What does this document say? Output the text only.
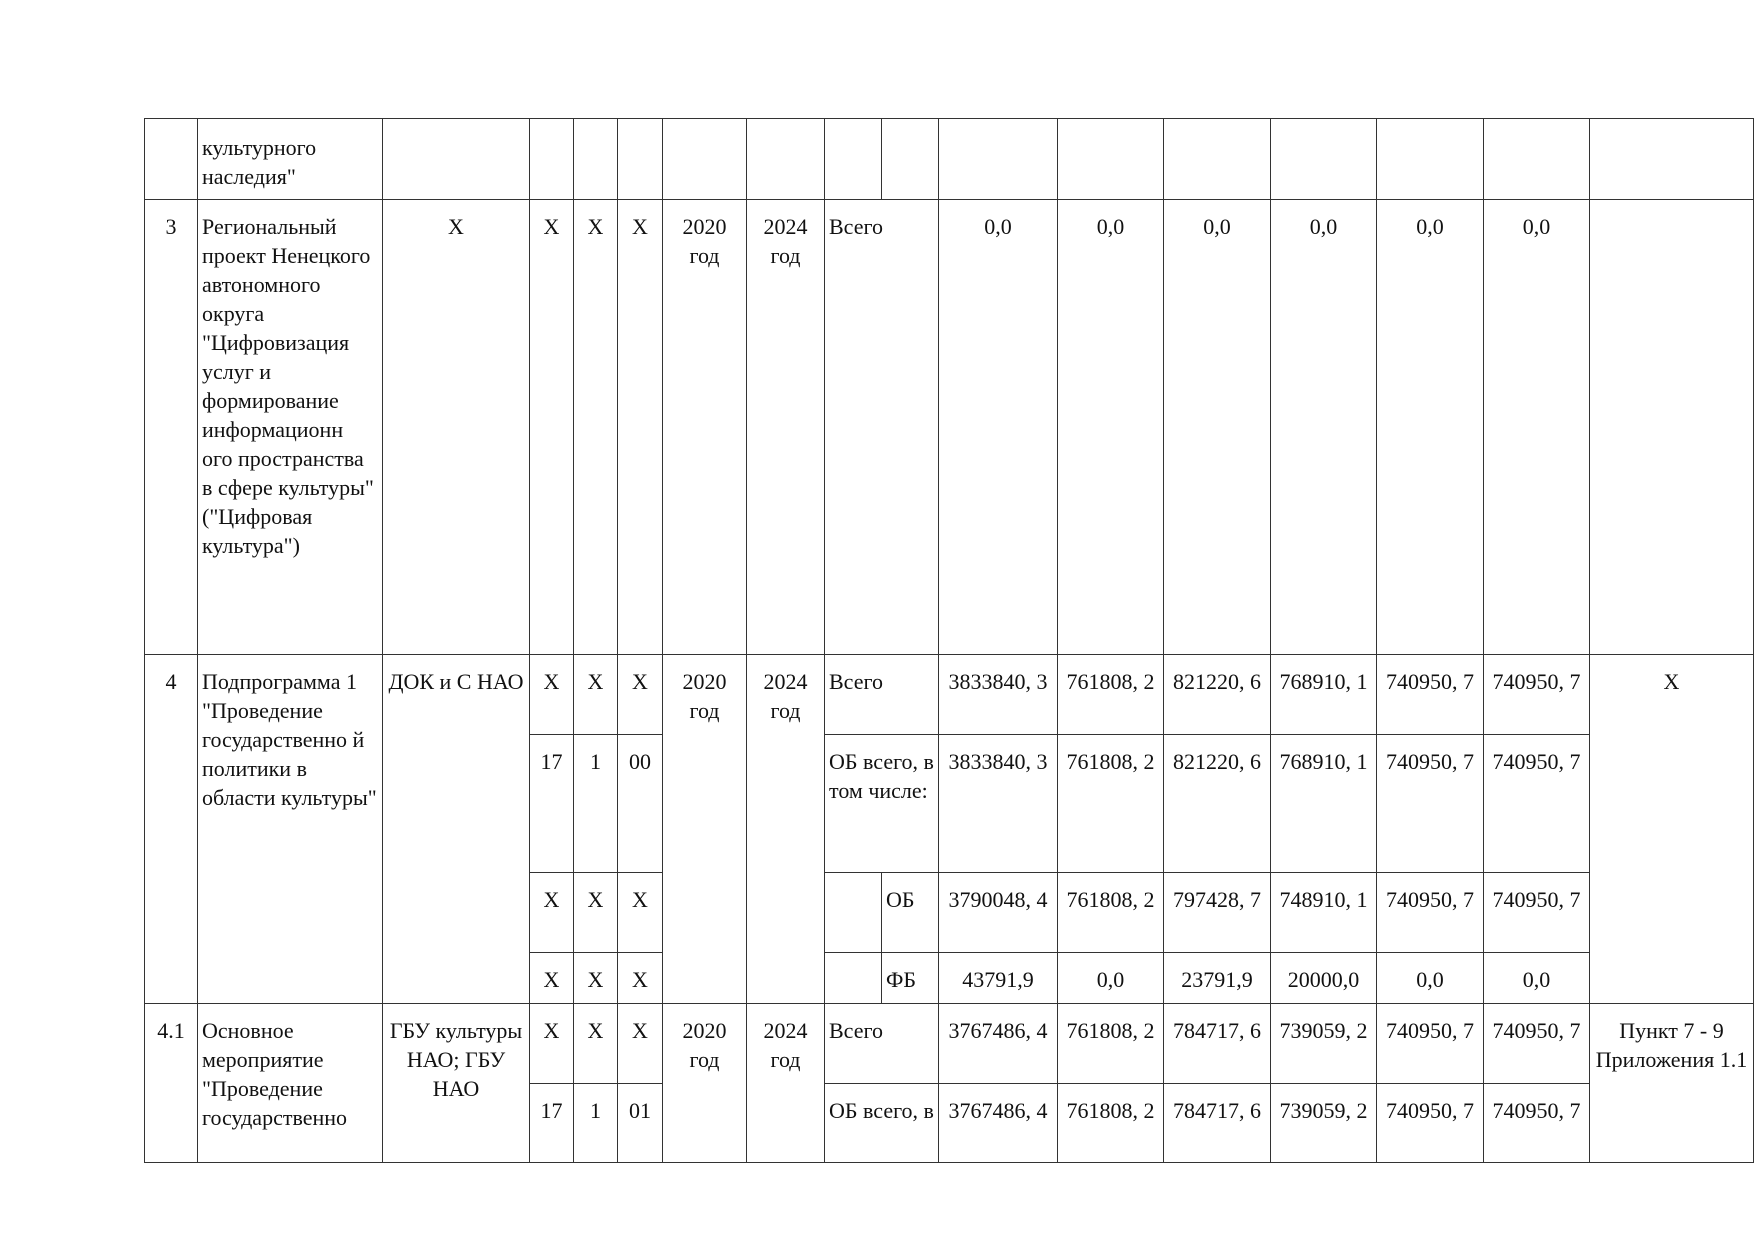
	культурного наследия"															
3	Региональный проект Ненецкого автономного округа "Цифровизация услуг и формирование информационн ого пространства в сфере культуры" ("Цифровая культура")	Х	Х	Х	Х	2020 год	2024 год	Всего		0,0	0,0	0,0	0,0	0,0	0,0	
4	Подпрограмма 1 "Проведение государственно й политики в области культуры"	ДОК и С НАО	Х	Х	Х	2020 год	2024 год	Всего		3833840, 3	761808, 2	821220, 6	768910, 1	740950, 7	740950, 7	Х
			17	1	00			ОБ всего, в том числе:		3833840, 3	761808, 2	821220, 6	768910, 1	740950, 7	740950, 7	
			Х	Х	Х				ОБ	3790048, 4	761808, 2	797428, 7	748910, 1	740950, 7	740950, 7	
			Х	Х	Х				ФБ	43791,9	0,0	23791,9	20000,0	0,0	0,0	
4.1	Основное мероприятие "Проведение государственно	ГБУ культуры НАО; ГБУ НАО	Х	Х	Х	2020 год	2024 год	Всего		3767486, 4	761808, 2	784717, 6	739059, 2	740950, 7	740950, 7	Пункт 7 - 9 Приложения 1.1
			17	1	01			ОБ всего, в		3767486, 4	761808, 2	784717, 6	739059, 2	740950, 7	740950, 7	
